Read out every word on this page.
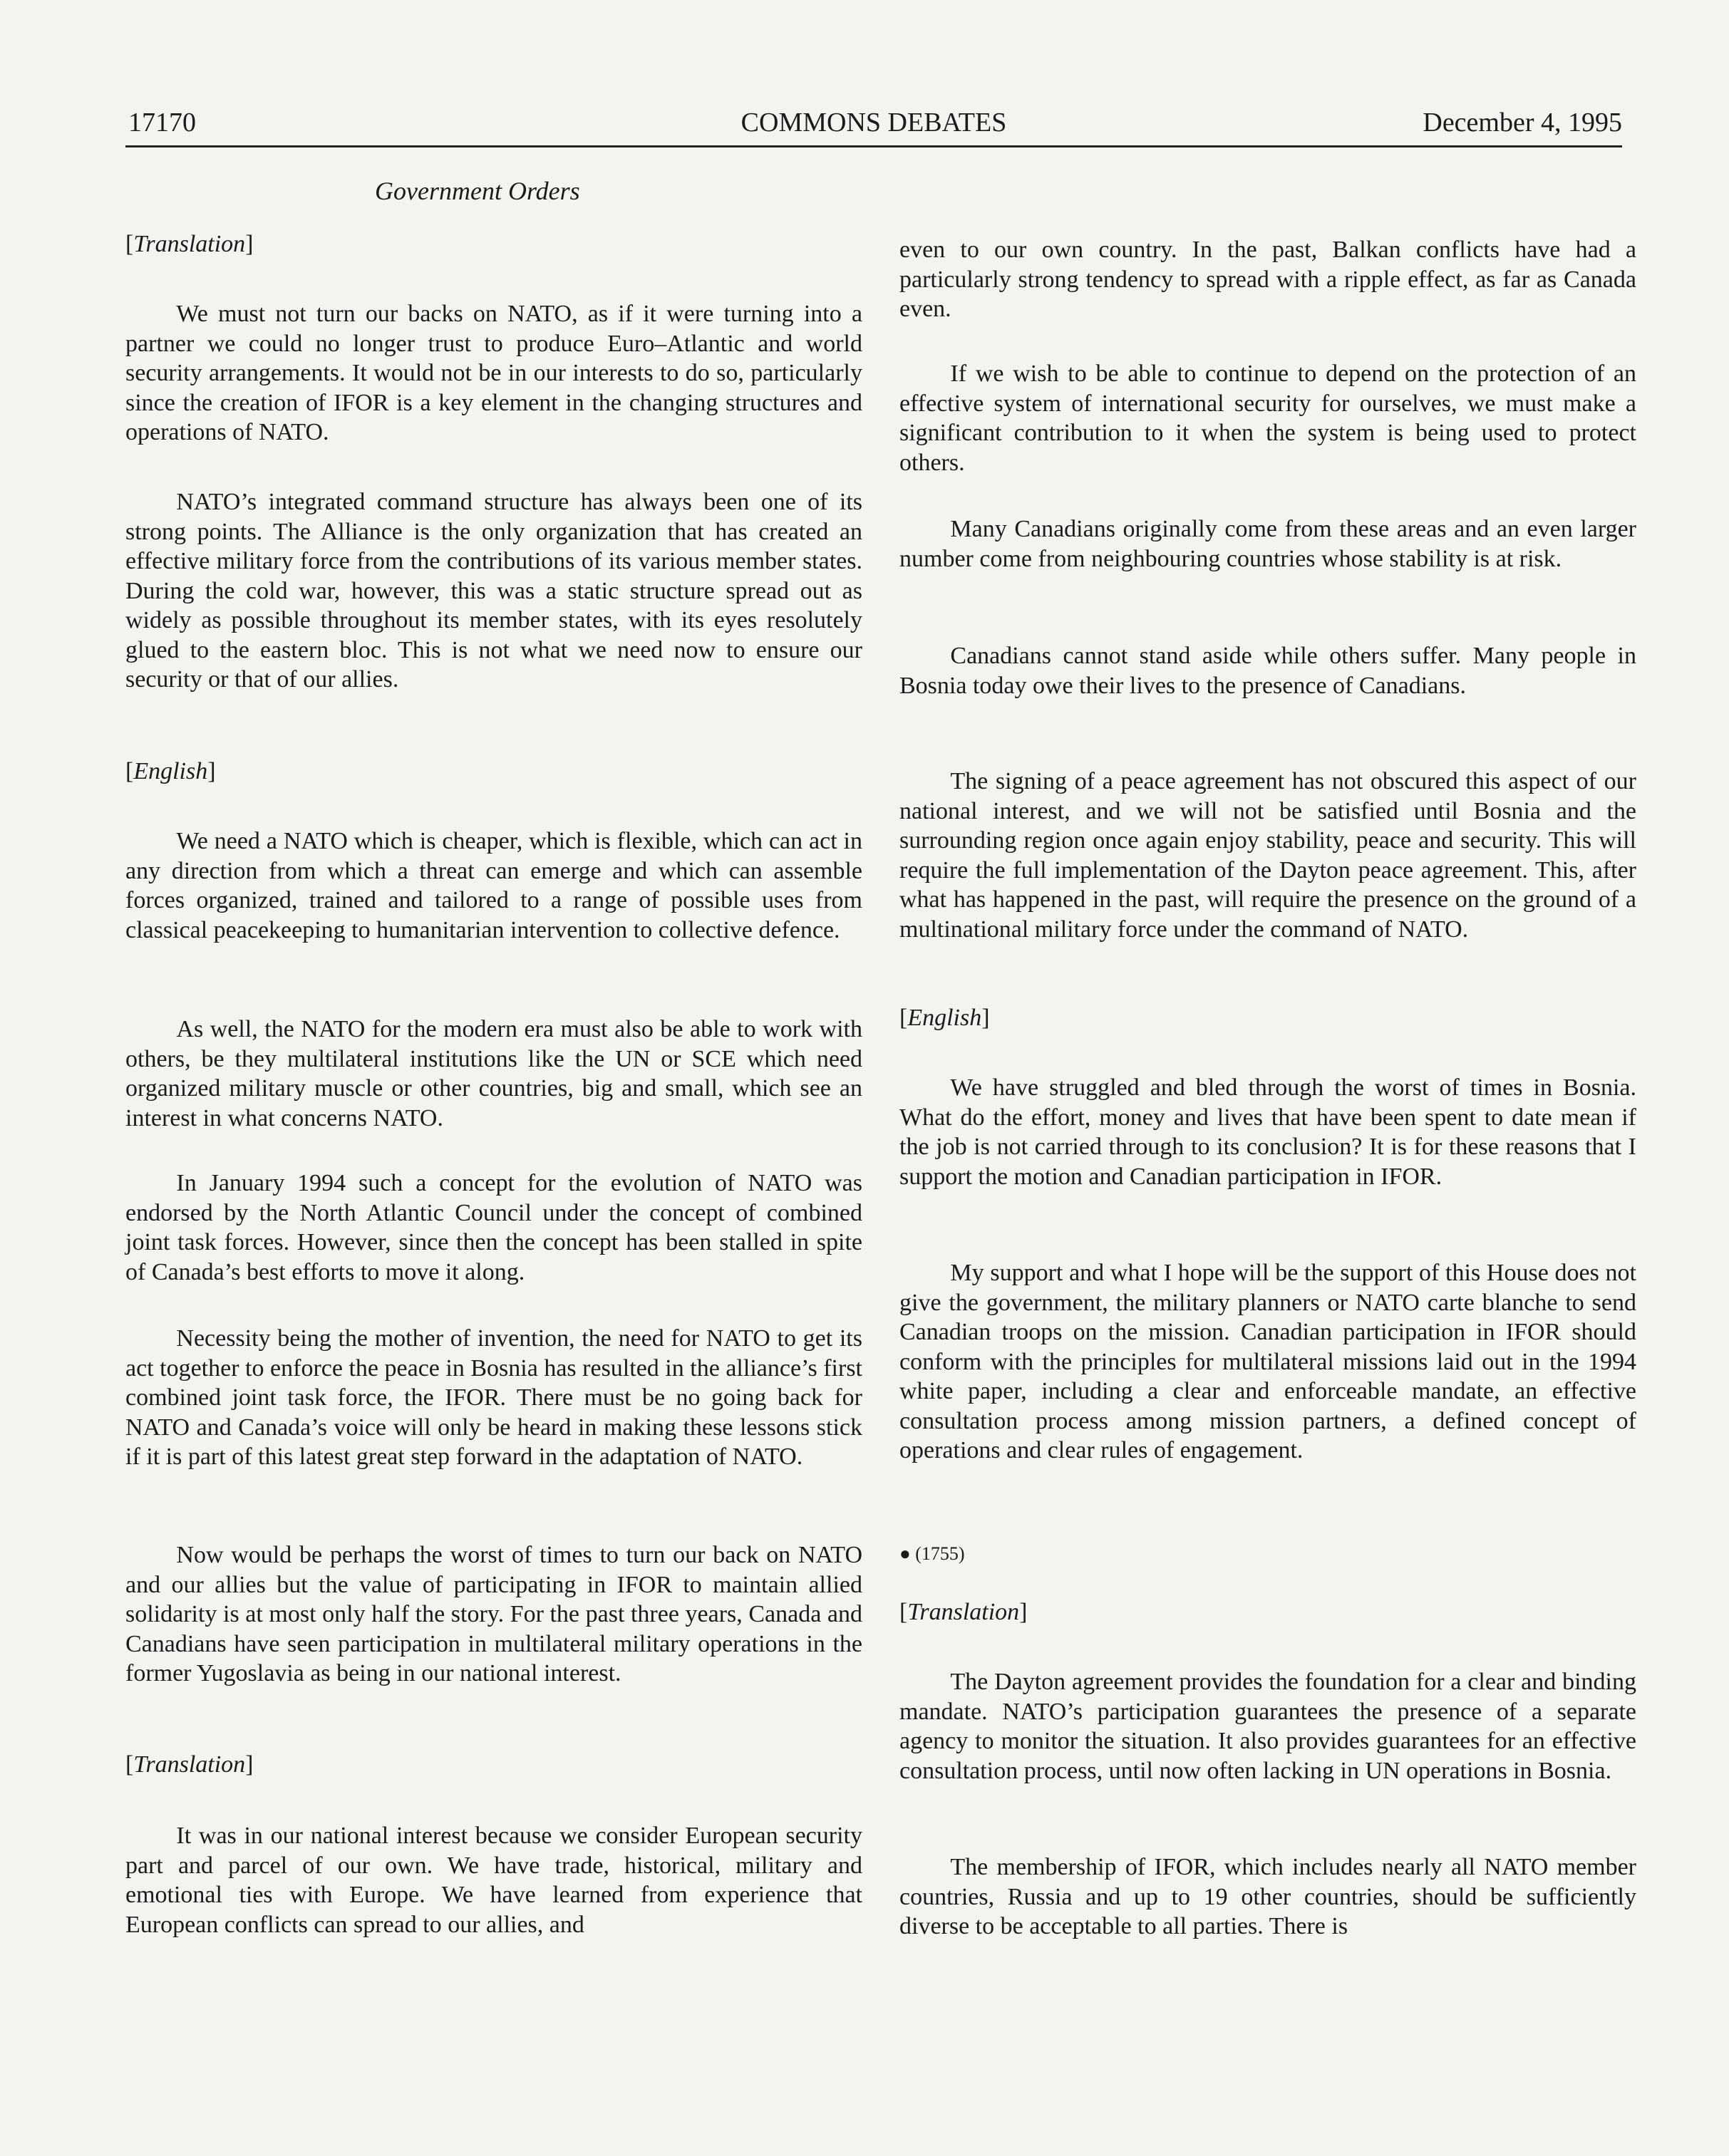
17170	COMMONS DEBATES	December 4, 1995
Government Orders
[Translation]

We must not turn our backs on NATO, as if it were turning into a partner we could no longer trust to produce Euro–Atlantic and world security arrangements. It would not be in our interests to do so, particularly since the creation of IFOR is a key element in the changing structures and operations of NATO.

NATO’s integrated command structure has always been one of its strong points. The Alliance is the only organization that has created an effective military force from the contributions of its various member states. During the cold war, however, this was a static structure spread out as widely as possible throughout its member states, with its eyes resolutely glued to the eastern bloc. This is not what we need now to ensure our security or that of our allies.

[English]

We need a NATO which is cheaper, which is flexible, which can act in any direction from which a threat can emerge and which can assemble forces organized, trained and tailored to a range of possible uses from classical peacekeeping to humanitarian intervention to collective defence.

As well, the NATO for the modern era must also be able to work with others, be they multilateral institutions like the UN or SCE which need organized military muscle or other countries, big and small, which see an interest in what concerns NATO.

In January 1994 such a concept for the evolution of NATO was endorsed by the North Atlantic Council under the concept of combined joint task forces. However, since then the concept has been stalled in spite of Canada’s best efforts to move it along.

Necessity being the mother of invention, the need for NATO to get its act together to enforce the peace in Bosnia has resulted in the alliance’s first combined joint task force, the IFOR. There must be no going back for NATO and Canada’s voice will only be heard in making these lessons stick if it is part of this latest great step forward in the adaptation of NATO.

Now would be perhaps the worst of times to turn our back on NATO and our allies but the value of participating in IFOR to maintain allied solidarity is at most only half the story. For the past three years, Canada and Canadians have seen participation in multilateral military operations in the former Yugoslavia as being in our national interest.

[Translation]

It was in our national interest because we consider European security part and parcel of our own. We have trade, historical, military and emotional ties with Europe. We have learned from experience that European conflicts can spread to our allies, and

even to our own country. In the past, Balkan conflicts have had a particularly strong tendency to spread with a ripple effect, as far as Canada even.

If we wish to be able to continue to depend on the protection of an effective system of international security for ourselves, we must make a significant contribution to it when the system is being used to protect others.

Many Canadians originally come from these areas and an even larger number come from neighbouring countries whose stability is at risk.

Canadians cannot stand aside while others suffer. Many people in Bosnia today owe their lives to the presence of Canadians.

The signing of a peace agreement has not obscured this aspect of our national interest, and we will not be satisfied until Bosnia and the surrounding region once again enjoy stability, peace and security. This will require the full implementation of the Dayton peace agreement. This, after what has happened in the past, will require the presence on the ground of a multinational military force under the command of NATO.

[English]

We have struggled and bled through the worst of times in Bosnia. What do the effort, money and lives that have been spent to date mean if the job is not carried through to its conclusion? It is for these reasons that I support the motion and Canadian participation in IFOR.

My support and what I hope will be the support of this House does not give the government, the military planners or NATO carte blanche to send Canadian troops on the mission. Canadian participation in IFOR should conform with the principles for multilateral missions laid out in the 1994 white paper, including a clear and enforceable mandate, an effective consultation process among mission partners, a defined concept of operations and clear rules of engagement.

● (1755)
[Translation]

The Dayton agreement provides the foundation for a clear and binding mandate. NATO’s participation guarantees the presence of a separate agency to monitor the situation. It also provides guarantees for an effective consultation process, until now often lacking in UN operations in Bosnia.

The membership of IFOR, which includes nearly all NATO member countries, Russia and up to 19 other countries, should be sufficiently diverse to be acceptable to all parties. There is
